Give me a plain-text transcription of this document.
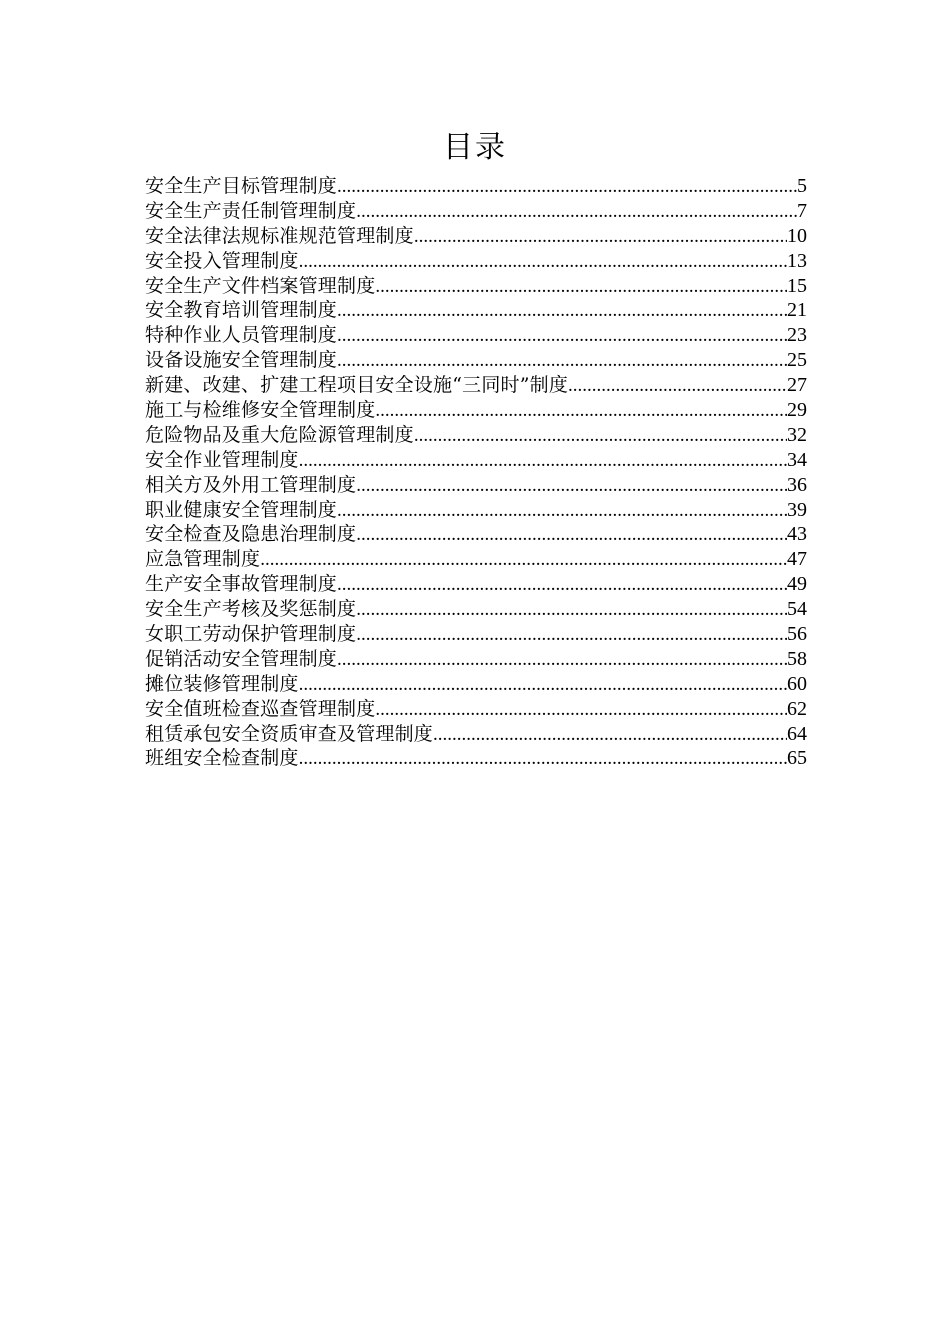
目录
安全生产目标管理制度 .....	5
安全生产责任制管理制度 .....	7
安全法律法规标准规范管理制度 .....	10
安全投入管理制度 .....	13
安全生产文件档案管理制度 .....	15
安全教育培训管理制度 .....	21
特种作业人员管理制度 .....	23
设备设施安全管理制度 .....	25
新建、改建、扩建工程项目安全设施“三同时”制度 .....	27
施工与检维修安全管理制度 .....	29
危险物品及重大危险源管理制度 .....	32
安全作业管理制度 .....	34
相关方及外用工管理制度 .....	36
职业健康安全管理制度 .....	39
安全检查及隐患治理制度 .....	43
应急管理制度 .....	47
生产安全事故管理制度 .....	49
安全生产考核及奖惩制度 .....	54
女职工劳动保护管理制度 .....	56
促销活动安全管理制度 .....	58
摊位装修管理制度 .....	60
安全值班检查巡查管理制度 .....	62
租赁承包安全资质审查及管理制度 .....	64
班组安全检查制度 .....	65
